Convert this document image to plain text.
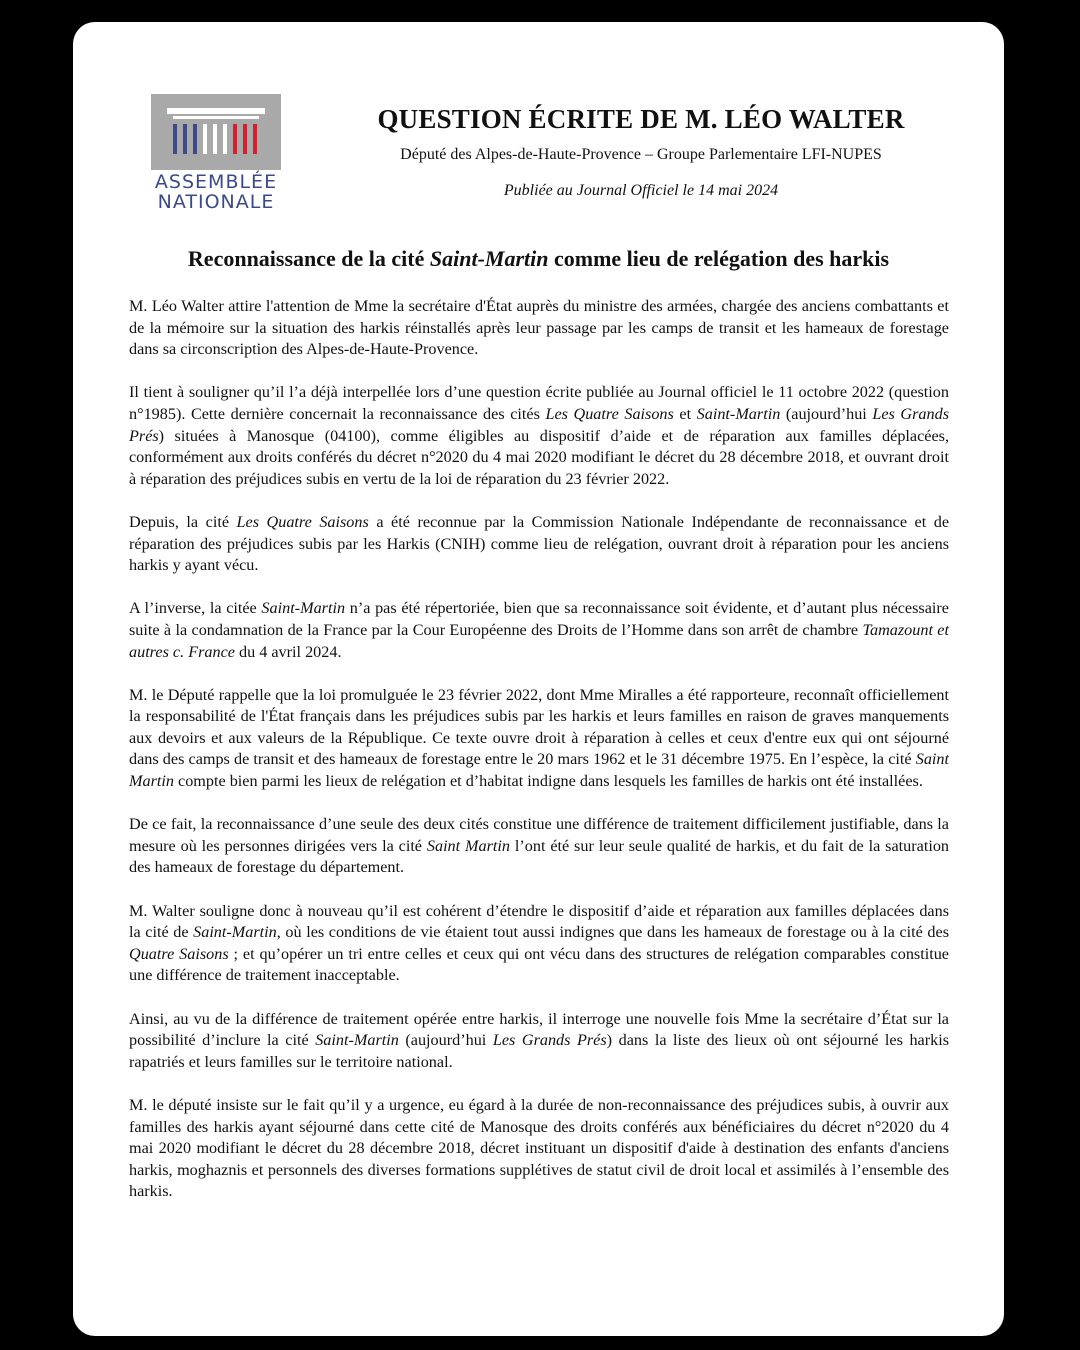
ASSEMBLÉE
NATIONALE
QUESTION ÉCRITE DE M. LÉO WALTER
Député des Alpes-de-Haute-Provence – Groupe Parlementaire LFI-NUPES
Publiée au Journal Officiel le 14 mai 2024
Reconnaissance de la cité Saint-Martin comme lieu de relégation des harkis

M. Léo Walter attire l'attention de Mme la secrétaire d'État auprès du ministre des armées, chargée des anciens combattants et de la mémoire sur la situation des harkis réinstallés après leur passage par les camps de transit et les hameaux de forestage dans sa circonscription des Alpes-de-Haute-Provence.

Il tient à souligner qu’il l’a déjà interpellée lors d’une question écrite publiée au Journal officiel le 11 octobre 2022 (question n°1985). Cette dernière concernait la reconnaissance des cités Les Quatre Saisons et Saint-Martin (aujourd’hui Les Grands Prés) situées à Manosque (04100), comme éligibles au dispositif d’aide et de réparation aux familles déplacées, conformément aux droits conférés du décret n°2020 du 4 mai 2020 modifiant le décret du 28 décembre 2018, et ouvrant droit à réparation des préjudices subis en vertu de la loi de réparation du 23 février 2022.

Depuis, la cité Les Quatre Saisons a été reconnue par la Commission Nationale Indépendante de reconnaissance et de réparation des préjudices subis par les Harkis (CNIH) comme lieu de relégation, ouvrant droit à réparation pour les anciens harkis y ayant vécu.

A l’inverse, la citée Saint-Martin n’a pas été répertoriée, bien que sa reconnaissance soit évidente, et d’autant plus nécessaire suite à la condamnation de la France par la Cour Européenne des Droits de l’Homme dans son arrêt de chambre Tamazount et autres c. France du 4 avril 2024.

M. le Député rappelle que la loi promulguée le 23 février 2022, dont Mme Miralles a été rapporteure, reconnaît officiellement la responsabilité de l'État français dans les préjudices subis par les harkis et leurs familles en raison de graves manquements aux devoirs et aux valeurs de la République. Ce texte ouvre droit à réparation à celles et ceux d'entre eux qui ont séjourné dans des camps de transit et des hameaux de forestage entre le 20 mars 1962 et le 31 décembre 1975. En l’espèce, la cité Saint Martin compte bien parmi les lieux de relégation et d’habitat indigne dans lesquels les familles de harkis ont été installées.

De ce fait, la reconnaissance d’une seule des deux cités constitue une différence de traitement difficilement justifiable, dans la mesure où les personnes dirigées vers la cité Saint Martin l’ont été sur leur seule qualité de harkis, et du fait de la saturation des hameaux de forestage du département.

M. Walter souligne donc à nouveau qu’il est cohérent d’étendre le dispositif d’aide et réparation aux familles déplacées dans la cité de Saint-Martin, où les conditions de vie étaient tout aussi indignes que dans les hameaux de forestage ou à la cité des Quatre Saisons ; et qu’opérer un tri entre celles et ceux qui ont vécu dans des structures de relégation comparables constitue une différence de traitement inacceptable.

Ainsi, au vu de la différence de traitement opérée entre harkis, il interroge une nouvelle fois Mme la secrétaire d’État sur la possibilité d’inclure la cité Saint-Martin (aujourd’hui Les Grands Prés) dans la liste des lieux où ont séjourné les harkis rapatriés et leurs familles sur le territoire national.

M. le député insiste sur le fait qu’il y a urgence, eu égard à la durée de non-reconnaissance des préjudices subis, à ouvrir aux familles des harkis ayant séjourné dans cette cité de Manosque des droits conférés aux bénéficiaires du décret n°2020 du 4 mai 2020 modifiant le décret du 28 décembre 2018, décret instituant un dispositif d'aide à destination des enfants d'anciens harkis, moghaznis et personnels des diverses formations supplétives de statut civil de droit local et assimilés à l’ensemble des harkis.
